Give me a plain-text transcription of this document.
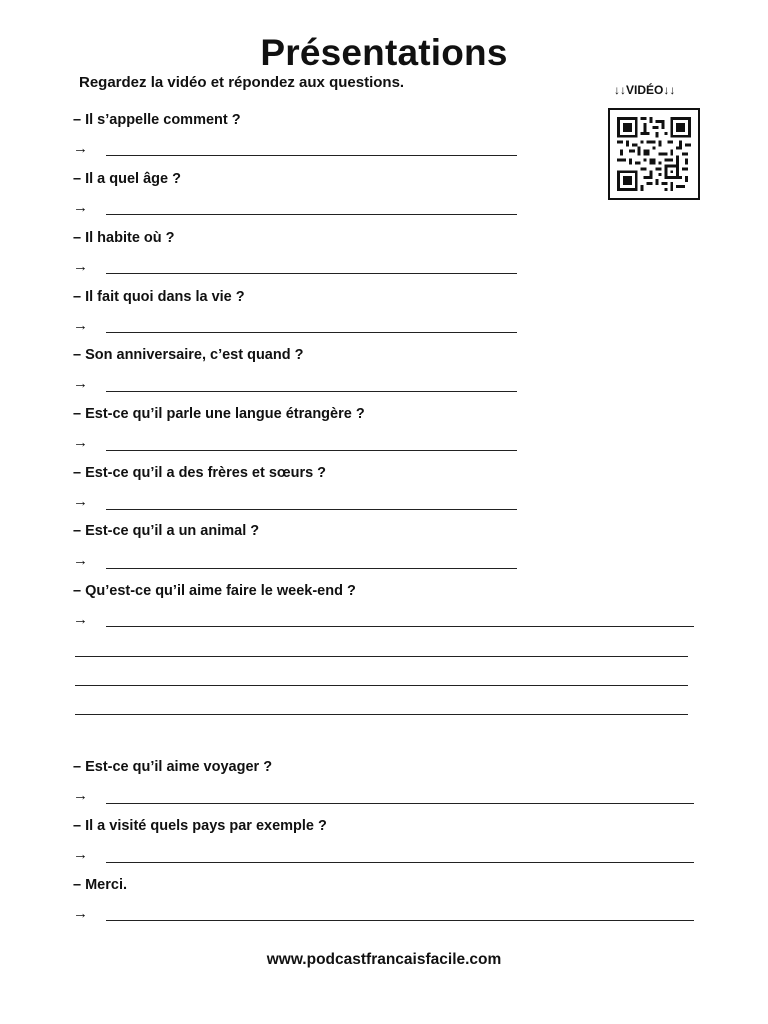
Présentations
Regardez la vidéo et répondez aux questions.	↓↓VIDÉO↓↓
– Il s’appelle comment ?
→
– Il a quel âge ?
→
– Il habite où ?
→
– Il fait quoi dans la vie ?
→
– Son anniversaire, c’est quand ?
→
– Est-ce qu’il parle une langue étrangère ?
→
– Est-ce qu’il a des frères et sœurs ?
→
– Est-ce qu’il a un animal ?
→
– Qu’est-ce qu’il aime faire le week-end ?
→
– Est-ce qu’il aime voyager ?
→
– Il a visité quels pays par exemple ?
→
– Merci.
→
www.podcastfrancaisfacile.com
